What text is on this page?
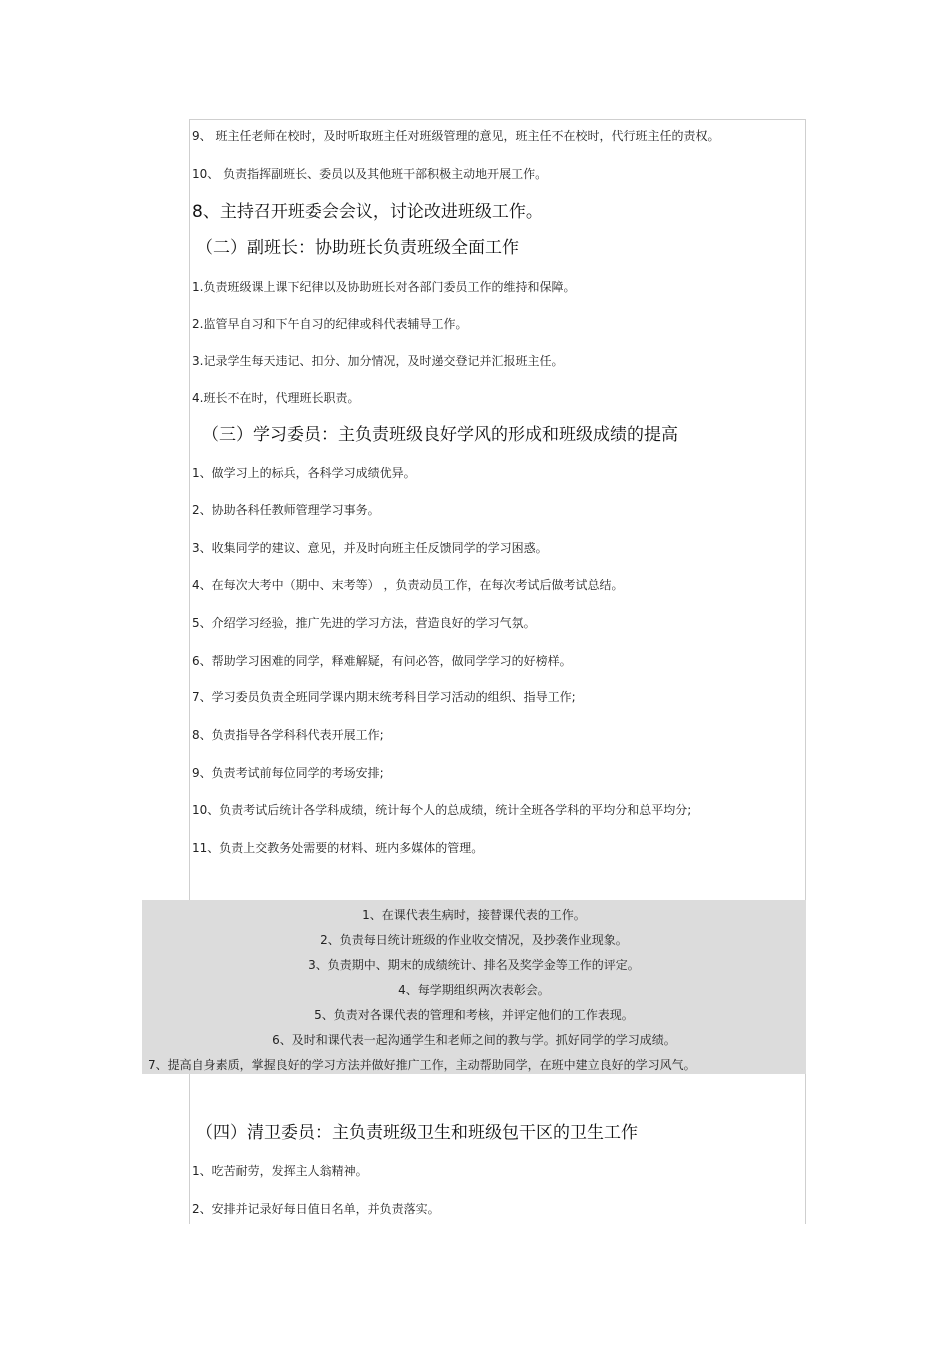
9、 班主任老师在校时，及时听取班主任对班级管理的意见，班主任不在校时，代行班主任的责权。
10、 负责指挥副班长、委员以及其他班干部积极主动地开展工作。
8、主持召开班委会会议，讨论改进班级工作。
（二）副班长：协助班长负责班级全面工作
1.负责班级课上课下纪律以及协助班长对各部门委员工作的维持和保障。
2.监管早自习和下午自习的纪律或科代表辅导工作。
3.记录学生每天违记、扣分、加分情况，及时递交登记并汇报班主任。
4.班长不在时，代理班长职责。
（三）学习委员：主负责班级良好学风的形成和班级成绩的提高
1、做学习上的标兵，各科学习成绩优异。
2、协助各科任教师管理学习事务。
3、收集同学的建议、意见，并及时向班主任反馈同学的学习困惑。
4、在每次大考中（期中、末考等） ，负责动员工作，在每次考试后做考试总结。
5、介绍学习经验，推广先进的学习方法，营造良好的学习气氛。
6、帮助学习困难的同学，释难解疑，有问必答，做同学学习的好榜样。
7、学习委员负责全班同学课内期末统考科目学习活动的组织、指导工作;
8、负责指导各学科科代表开展工作;
9、负责考试前每位同学的考场安排;
10、负责考试后统计各学科成绩，统计每个人的总成绩，统计全班各学科的平均分和总平均分;
11、负责上交教务处需要的材料、班内多媒体的管理。
1、在课代表生病时，接替课代表的工作。
2、负责每日统计班级的作业收交情况，及抄袭作业现象。
3、负责期中、期末的成绩统计、排名及奖学金等工作的评定。
4、每学期组织两次表彰会。
5、负责对各课代表的管理和考核，并评定他们的工作表现。
6、及时和课代表一起沟通学生和老师之间的教与学。抓好同学的学习成绩。
7、提高自身素质，掌握良好的学习方法并做好推广工作，主动帮助同学，在班中建立良好的学习风气。
（四）清卫委员：主负责班级卫生和班级包干区的卫生工作
1、吃苦耐劳，发挥主人翁精神。
2、安排并记录好每日值日名单，并负责落实。
